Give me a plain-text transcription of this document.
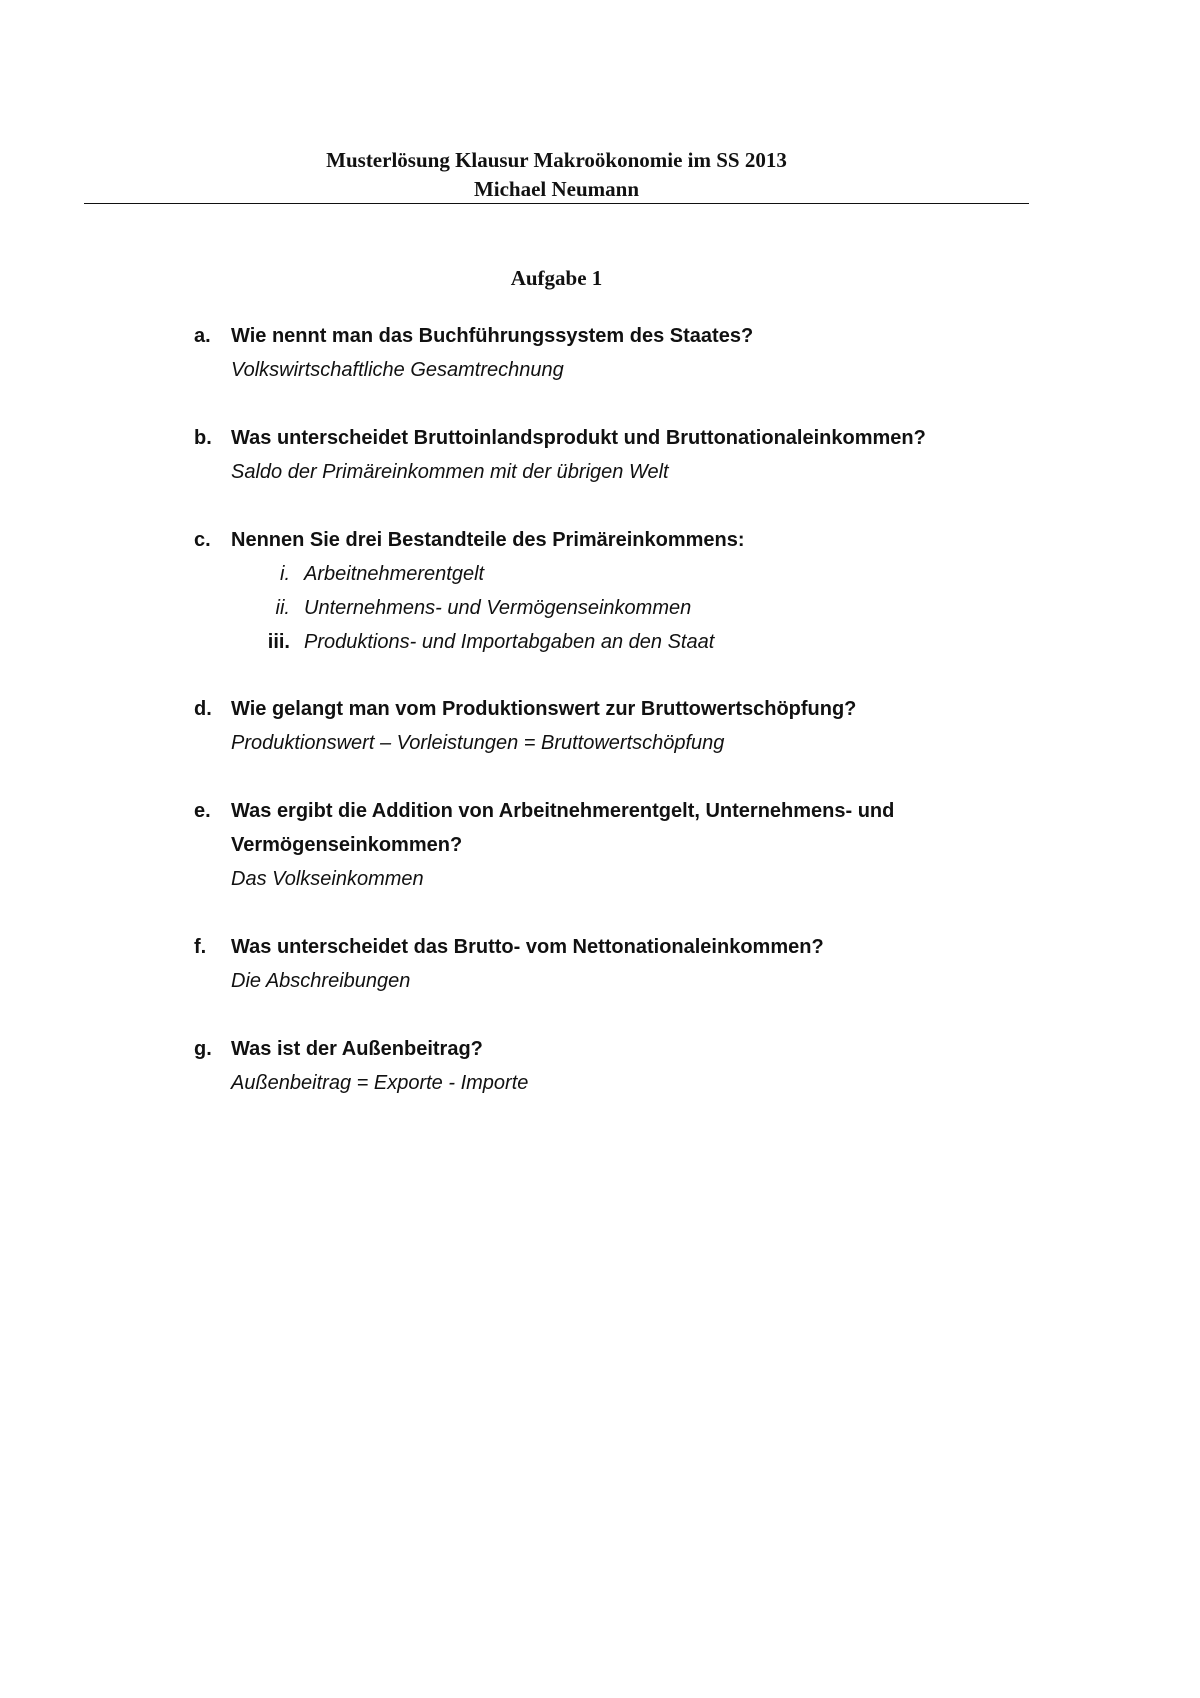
Musterlösung Klausur Makroökonomie im SS 2013
Michael Neumann
Aufgabe 1
a.	Wie nennt man das Buchführungssystem des Staates?
Volkswirtschaftliche Gesamtrechnung
b. Was unterscheidet Bruttoinlandsprodukt und Bruttonationaleinkommen?
Saldo der Primäreinkommen mit der übrigen Welt
c.	Nennen Sie drei Bestandteile des Primäreinkommens:
i. Arbeitnehmerentgelt
ii. Unternehmens- und Vermögenseinkommen
iii. Produktions- und Importabgaben an den Staat
d. Wie gelangt man vom Produktionswert zur Bruttowertschöpfung?
Produktionswert – Vorleistungen = Bruttowertschöpfung
e.	Was ergibt die Addition von Arbeitnehmerentgelt, Unternehmens- und Vermögenseinkommen?
Das Volkseinkommen
f.	Was unterscheidet das Brutto- vom Nettonationaleinkommen?
Die Abschreibungen
g. Was ist der Außenbeitrag?
Außenbeitrag = Exporte - Importe
